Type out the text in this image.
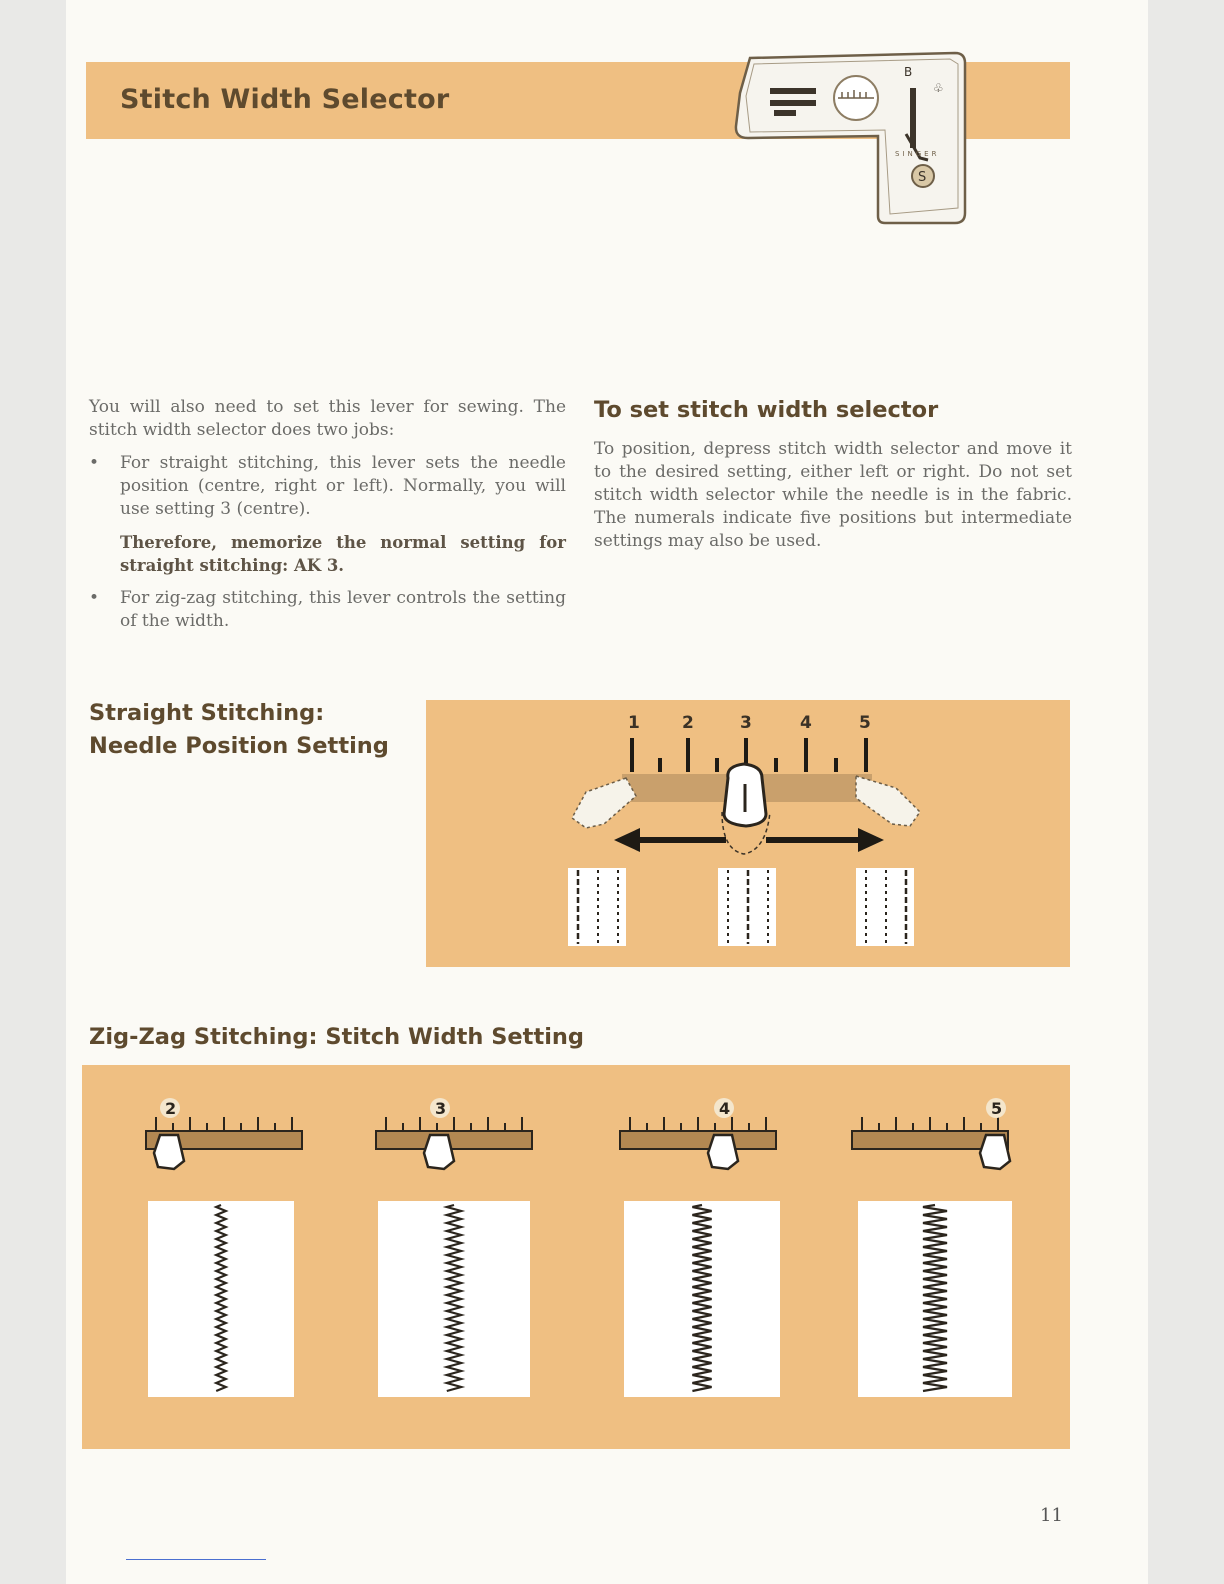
Stitch Width Selector
B
♧
SINGER
S

You will also need to set this lever for sewing. The stitch width selector does two jobs:

• For straight stitching, this lever sets the needle position (centre, right or left). Normally, you will use setting 3 (centre).

Therefore, memorize the normal setting for straight stitching: AK 3.

• For zig-zag stitching, this lever controls the setting of the width.
To set stitch width selector

To position, depress stitch width selector and move it to the desired setting, either left or right. Do not set stitch width selector while the needle is in the fabric. The numerals indicate five positions but intermediate settings may also be used.

Straight Stitching:
Needle Position Setting
1 2	3	4	5
Zig-Zag Stitching: Stitch Width Setting
2	3	4	5
11
